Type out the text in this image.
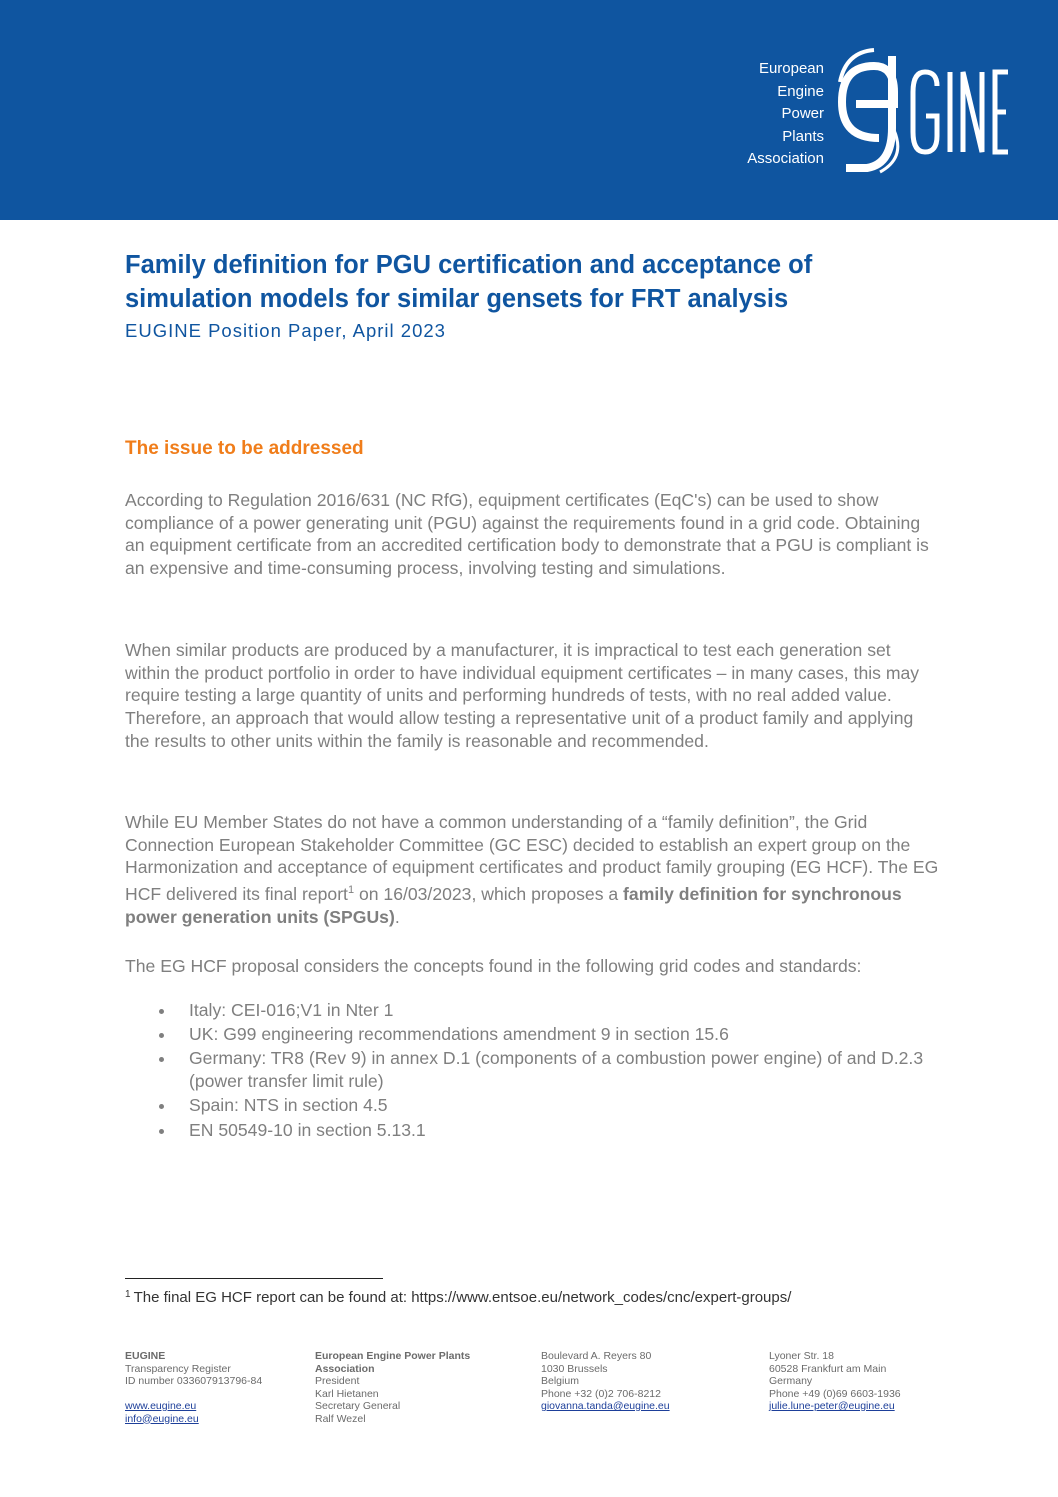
European
Engine
Power
Plants
Association
Family definition for PGU certification and acceptance of
simulation models for similar gensets for FRT analysis
EUGINE Position Paper, April 2023
The issue to be addressed
According to Regulation 2016/631 (NC RfG), equipment certificates (EqC's) can be used to show compliance of a power generating unit (PGU) against the requirements found in a grid code. Obtaining an equipment certificate from an accredited certification body to demonstrate that a PGU is compliant is an expensive and time-consuming process, involving testing and simulations.
When similar products are produced by a manufacturer, it is impractical to test each generation set within the product portfolio in order to have individual equipment certificates – in many cases, this may require testing a large quantity of units and performing hundreds of tests, with no real added value. Therefore, an approach that would allow testing a representative unit of a product family and applying the results to other units within the family is reasonable and recommended.
While EU Member States do not have a common understanding of a “family definition”, the Grid Connection European Stakeholder Committee (GC ESC) decided to establish an expert group on the Harmonization and acceptance of equipment certificates and product family grouping (EG HCF). The EG HCF delivered its final report$^1$ on 16/03/2023, which proposes a family definition for synchronous power generation units (SPGUs).
The EG HCF proposal considers the concepts found in the following grid codes and standards:
Italy: CEI-016;V1 in Nter 1
UK: G99 engineering recommendations amendment 9 in section 15.6
Germany: TR8 (Rev 9) in annex D.1 (components of a combustion power engine) of and D.2.3 (power transfer limit rule)
Spain: NTS in section 4.5
EN 50549-10 in section 5.13.1
$^1$ The final EG HCF report can be found at: https://www.entsoe.eu/network_codes/cnc/expert-groups/
EUGINE
Transparency Register
ID number 033607913796-84
www.eugine.eu
info@eugine.eu
European Engine Power Plants
Association
President
Karl Hietanen
Secretary General
Ralf Wezel
Boulevard A. Reyers 80
1030 Brussels
Belgium
Phone +32 (0)2 706-8212
giovanna.tanda@eugine.eu
Lyoner Str. 18
60528 Frankfurt am Main
Germany
Phone +49 (0)69 6603-1936
julie.lune-peter@eugine.eu
